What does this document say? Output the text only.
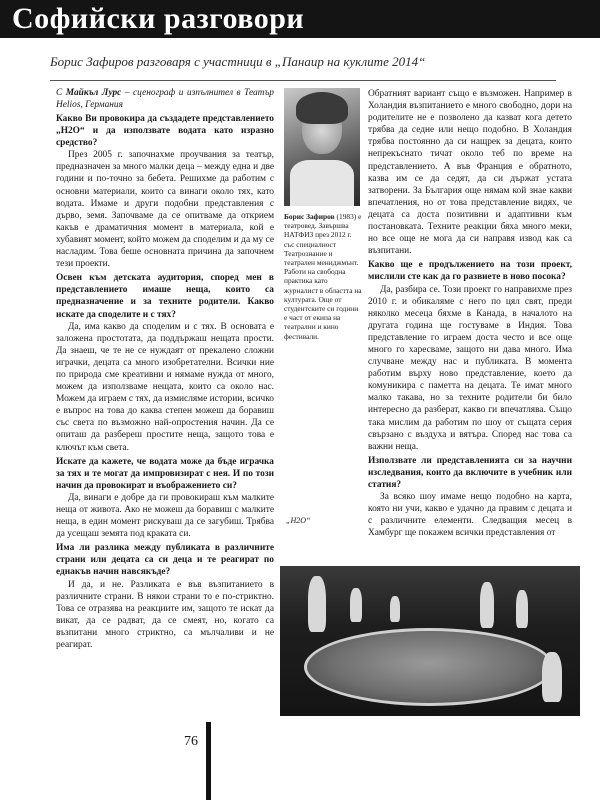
Софийски разговори
Борис Зафиров разговаря с участници в „Панаир на куклите 2014“

С Майкъл Лурс – сценограф и изпълнител в Театър Helios, Германия

Какво Ви провокира да създадете представлението „Н2О“ и да използвате водата като изразно средство?

През 2005 г. започнахме проучвания за театър, предназначен за много малки деца – между една и две години и по-точно за бебета. Решихме да работим с основни материали, които са винаги около тях, като водата. Имаме и други подобни представления с дърво, земя. Започваме да се опитваме да открием какъв е драматичния момент в материала, кой е хубавият момент, който можем да споделим и да му се насладим. Това беше основната причина да започнем тези проекти.

Освен към детската аудитория, според мен в представлението имаше неща, които са предназначение и за техните родители. Какво искате да споделите и с тях?

Да, има какво да споделим и с тях. В основата е заложена простотата, да поддържаш нещата прости. Да знаеш, че те не се нуждаят от прекалено сложни играчки, децата са много изобретателни. Всички ние по природа сме креативни и нямаме нужда от много, можем да използваме нещата, които са около нас. Можем да играем с тях, да измисляме истории, всичко е въпрос на това до каква степен можеш да боравиш със света по възможно най-опростения начин. Да се опиташ да разбереш простите неща, защото това е ключът към света.

Искате да кажете, че водата може да бъде играчка за тях и те могат да импровизират с нея. И по този начин да провокират и въображението си?

Да, винаги е добре да ги провокираш към малките неща от живота. Ако не можеш да боравиш с малките неща, в един момент рискуваш да се загубиш. Трябва да усещаш земята под краката си.

Има ли разлика между публиката в различните страни или децата са си деца и те реагират по еднакъв начин навсякъде?

И да, и не. Разликата е във възпитанието в различните страни. В някои страни то е по-стриктно. Това се отразява на реакциите им, защото те искат да викат, да се радват, да се смеят, но, когато са възпитани много стриктно, са мълчаливи и не реагират.

Борис Зафиров (1983) е театровед. Завършва НАТФИЗ през 2012 г. със специалност Театрознание и театрален мениджмънт. Работи на свободна практика като журналист в областта на културата. Още от студентските си години е част от екипа на театрални и кино фестивали.
„Н2О“

Обратният вариант също е възможен. Например в Холандия възпитанието е много свободно, дори на родителите не е позволено да казват кога детето трябва да седне или нещо подобно. В Холандия трябва постоянно да си нащрек за децата, които непрекъснато тичат около теб по време на представлението. А във Франция е обратното, казва им се да седят, да си държат устата затворени. За България още нямам кой знае какви впечатления, но от това представление видях, че децата са доста позитивни и адаптивни към постановката. Техните реакции бяха много меки, но все още не мога да си направя извод как са възпитани.

Какво ще е продължението на този проект, мислили сте как да го развиете в ново посока?

Да, разбира се. Този проект го направихме през 2010 г. и обикаляме с него по цял свят, преди няколко месеца бяхме в Канада, в началото на другата година ще гостуваме в Индия. Това представление го играем доста често и все още много го харесваме, защото ни дава много. Има случване между нас и публиката. В момента работим върху ново представление, което да комуникира с паметта на децата. Те имат много малко такава, но за техните родители би било интересно да разберат, какво ги впечатлява. Също така мислим да работим по шоу от същата серия свързано с въздуха и вятъра. Според нас това са важни неща.

Използвате ли представленията си за научни изследвания, които да включите в учебник или статия?

За всяко шоу имаме нещо подобно на карта, която ни учи, какво е удачно да правим с децата и с различните елементи. Следващия месец в Хамбург ще покажем всички представления от

76
